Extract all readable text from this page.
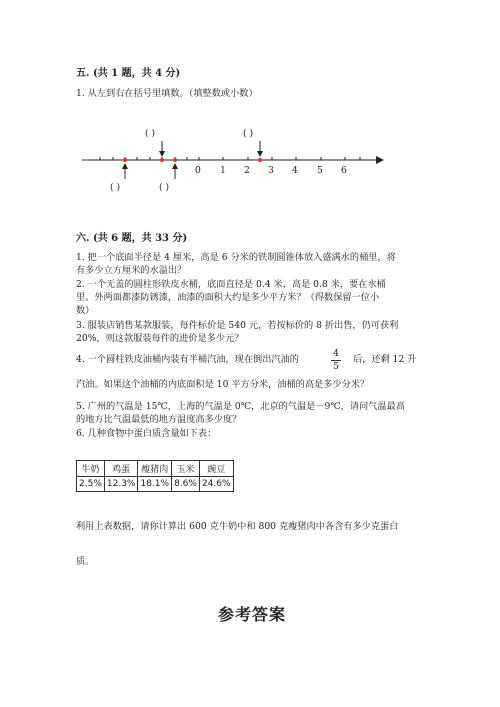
五. (共 1 题，共 4 分)
1. 从左到右在括号里填数。（填整数或小数）
( )	( )
( )	( )
0 1 2 3 4 5 6
六. (共 6 题，共 33 分)
1. 把一个底面半径是 4 厘米，高是 6 分米的铁制圆锥体放入盛满水的桶里，将
有多少立方厘米的水溢出？
2. 一个无盖的圆柱形铁皮水桶，底面直径是 0.4 米，高是 0.8 米，要在水桶
里、外两面都漆防锈漆，油漆的面积大约是多少平方米？（得数保留一位小
数）
3. 服装店销售某款服装，每件标价是 540 元，若按标价的 8 折出售，仍可获利
20%，则这款服装每件的进价是多少元？
4. 一个圆柱铁皮油桶内装有半桶汽油，现在倒出汽油的	4
5
后，还剩 12 升
汽油。如果这个油桶的内底面积是 10 平方分米，油桶的高是多少分米？
5. 广州的气温是 15℃，上海的气温是 0℃，北京的气温是－9℃，请问气温最高
的地方比气温最低的地方温度高多少度？
6. 几种食物中蛋白质含量如下表：
牛奶	鸡蛋	瘦猪肉	玉米	豌豆
2.5%	12.3%	18.1%	8.6%	24.6%
利用上表数据，请你计算出 600 克牛奶中和 800 克瘦猪肉中各含有多少克蛋白
质。
参考答案
